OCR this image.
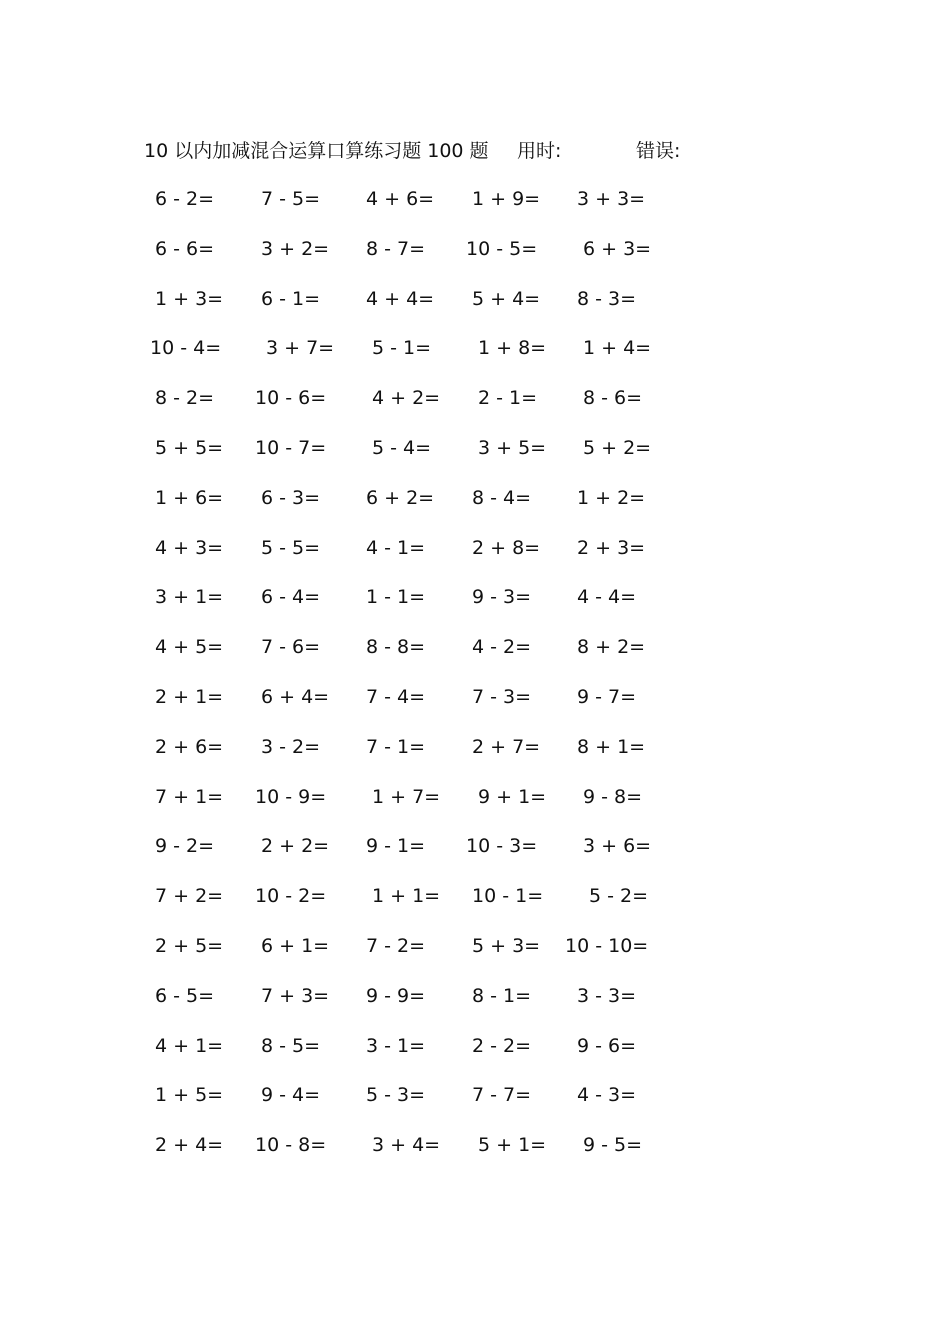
10 以内加减混合运算口算练习题 100 题 用时:	错误:
6 - 2= 7 - 5= 4 + 6= 1 + 9= 3 + 3=
6 - 6= 3 + 2= 8 - 7= 10 - 5= 6 + 3=
1 + 3= 6 - 1= 4 + 4= 5 + 4= 8 - 3=
10 - 4= 3 + 7= 5 - 1= 1 + 8= 1 + 4=
8 - 2= 10 - 6= 4 + 2= 2 - 1= 8 - 6=
5 + 5= 10 - 7= 5 - 4= 3 + 5= 5 + 2=
1 + 6= 6 - 3= 6 + 2= 8 - 4= 1 + 2=
4 + 3= 5 - 5= 4 - 1= 2 + 8= 2 + 3=
3 + 1= 6 - 4= 1 - 1= 9 - 3= 4 - 4=
4 + 5= 7 - 6= 8 - 8= 4 - 2= 8 + 2=
2 + 1= 6 + 4= 7 - 4= 7 - 3= 9 - 7=
2 + 6= 3 - 2= 7 - 1= 2 + 7= 8 + 1=
7 + 1= 10 - 9= 1 + 7= 9 + 1= 9 - 8=
9 - 2= 2 + 2= 9 - 1= 10 - 3= 3 + 6=
7 + 2= 10 - 2= 1 + 1= 10 - 1= 5 - 2=
2 + 5= 6 + 1= 7 - 2= 5 + 3= 10 - 10=
6 - 5= 7 + 3= 9 - 9= 8 - 1= 3 - 3=
4 + 1= 8 - 5= 3 - 1= 2 - 2= 9 - 6=
1 + 5= 9 - 4= 5 - 3= 7 - 7= 4 - 3=
2 + 4= 10 - 8= 3 + 4= 5 + 1= 9 - 5=
